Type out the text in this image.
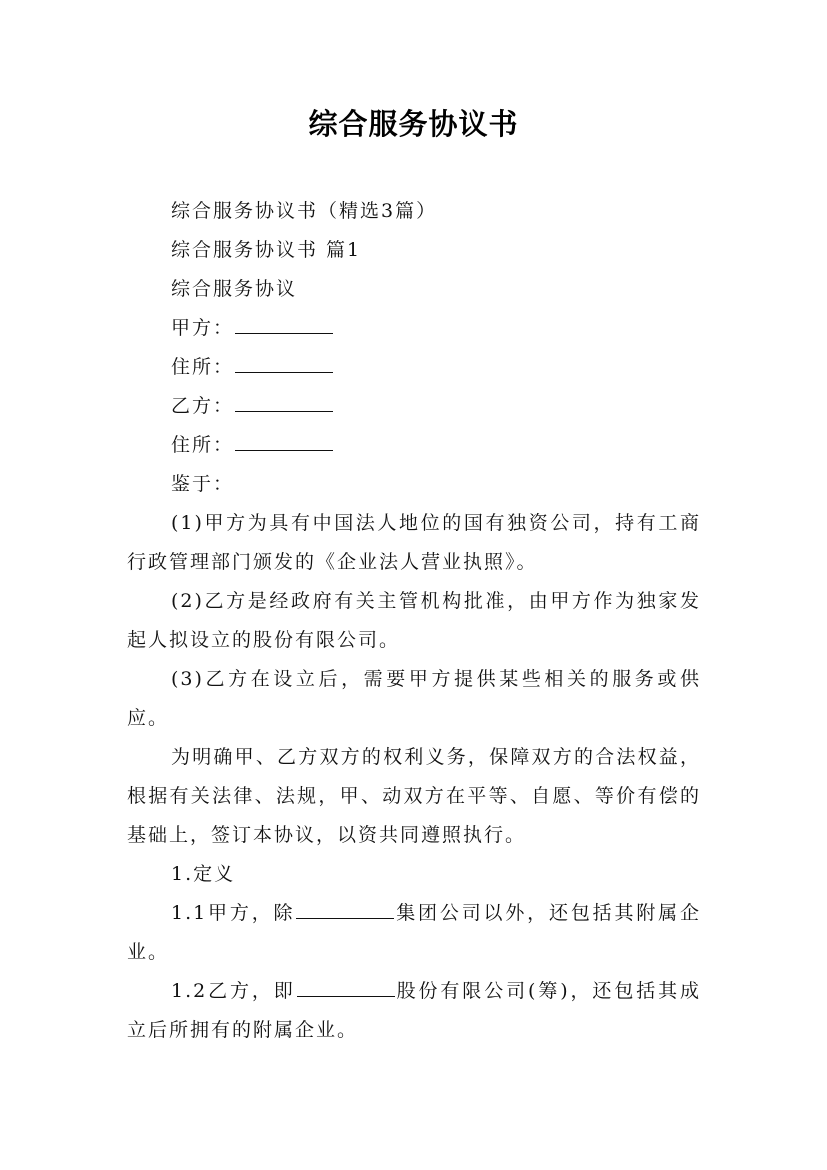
综合服务协议书

综合服务协议书（精选3篇）

综合服务协议书 篇1

综合服务协议

甲方：

住所：

乙方：

住所：

鉴于：

(1)甲方为具有中国法人地位的国有独资公司，持有工商行政管理部门颁发的《企业法人营业执照》。

(2)乙方是经政府有关主管机构批准，由甲方作为独家发起人拟设立的股份有限公司。

(3)乙方在设立后，需要甲方提供某些相关的服务或供应。

为明确甲、乙方双方的权利义务，保障双方的合法权益，根据有关法律、法规，甲、动双方在平等、自愿、等价有偿的基础上，签订本协议，以资共同遵照执行。

1.定义

1.1甲方，除	集团公司以外，还包括其附属企业。

1.2乙方，即	股份有限公司(筹)，还包括其成立后所拥有的附属企业。
